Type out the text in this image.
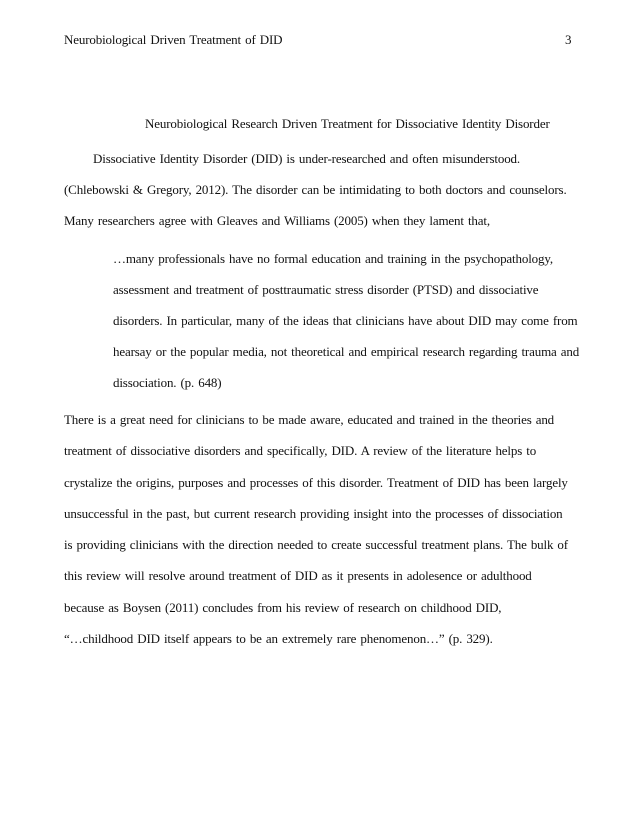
Neurobiological Driven Treatment of DID	3
Neurobiological Research Driven Treatment for Dissociative Identity Disorder
Dissociative Identity Disorder (DID) is under-researched and often misunderstood.
(Chlebowski & Gregory, 2012). The disorder can be intimidating to both doctors and counselors.
Many researchers agree with Gleaves and Williams (2005) when they lament that,
…many professionals have no formal education and training in the psychopathology,
assessment and treatment of posttraumatic stress disorder (PTSD) and dissociative
disorders. In particular, many of the ideas that clinicians have about DID may come from
hearsay or the popular media, not theoretical and empirical research regarding trauma and
dissociation. (p. 648)
There is a great need for clinicians to be made aware, educated and trained in the theories and
treatment of dissociative disorders and specifically, DID. A review of the literature helps to
crystalize the origins, purposes and processes of this disorder. Treatment of DID has been largely
unsuccessful in the past, but current research providing insight into the processes of dissociation
is providing clinicians with the direction needed to create successful treatment plans. The bulk of
this review will resolve around treatment of DID as it presents in adolesence or adulthood
because as Boysen (2011) concludes from his review of research on childhood DID,
“…childhood DID itself appears to be an extremely rare phenomenon…” (p. 329).
